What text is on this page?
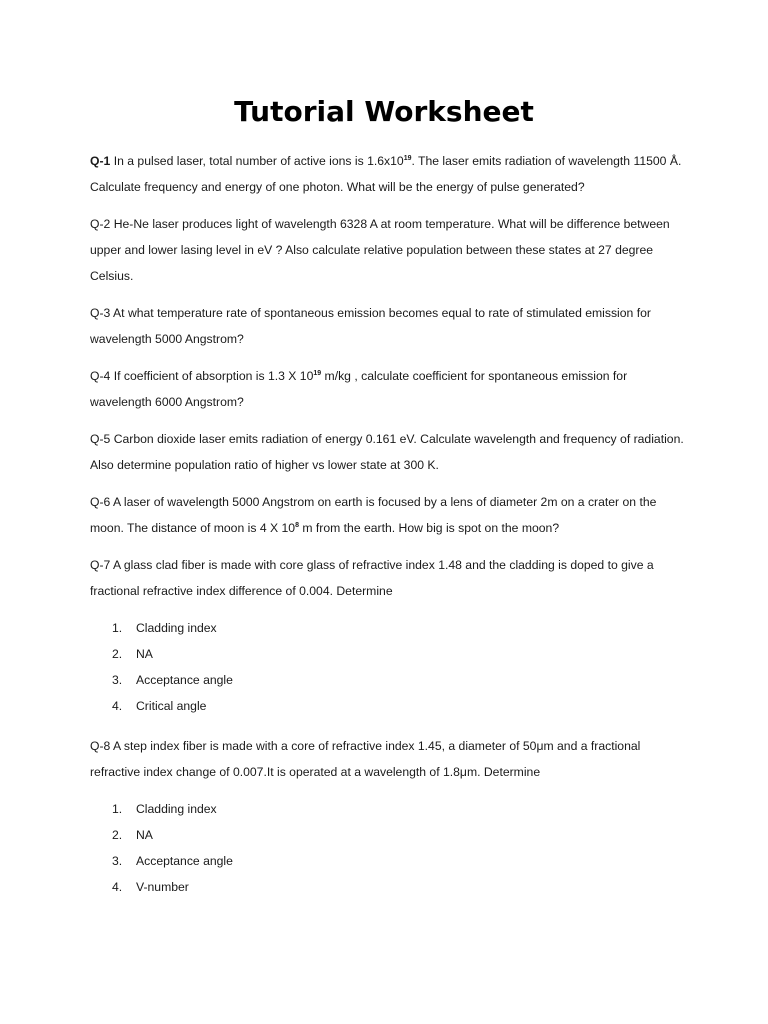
Tutorial Worksheet
Q-1 In a pulsed laser, total number of active ions is $1.6x10^{19}$. The laser emits radiation of wavelength 11500 Å. Calculate frequency and energy of one photon. What will be the energy of pulse generated?
Q-2 He-Ne laser produces light of wavelength 6328 A at room temperature. What will be difference between upper and lower lasing level in eV ? Also calculate relative population between these states at 27 degree Celsius.
Q-3 At what temperature rate of spontaneous emission becomes equal to rate of stimulated emission for wavelength 5000 Angstrom?
Q-4 If coefficient of absorption is 1.3 X $10^{19}$ m/kg , calculate coefficient for spontaneous emission for wavelength 6000 Angstrom?
Q-5 Carbon dioxide laser emits radiation of energy 0.161 eV. Calculate wavelength and frequency of radiation. Also determine population ratio of higher vs lower state at 300 K.
Q-6 A laser of wavelength 5000 Angstrom on earth is focused by a lens of diameter 2m on a crater on the moon. The distance of moon is 4 X $10^8$ m from the earth. How big is spot on the moon?
Q-7 A glass clad fiber is made with core glass of refractive index 1.48 and the cladding is doped to give a fractional refractive index difference of 0.004. Determine
1.	Cladding index
2.	NA
3.	Acceptance angle
4.	Critical angle
Q-8 A step index fiber is made with a core of refractive index 1.45, a diameter of 50μm and a fractional refractive index change of 0.007.It is operated at a wavelength of 1.8μm. Determine
1.	Cladding index
2.	NA
3.	Acceptance angle
4.	V-number
